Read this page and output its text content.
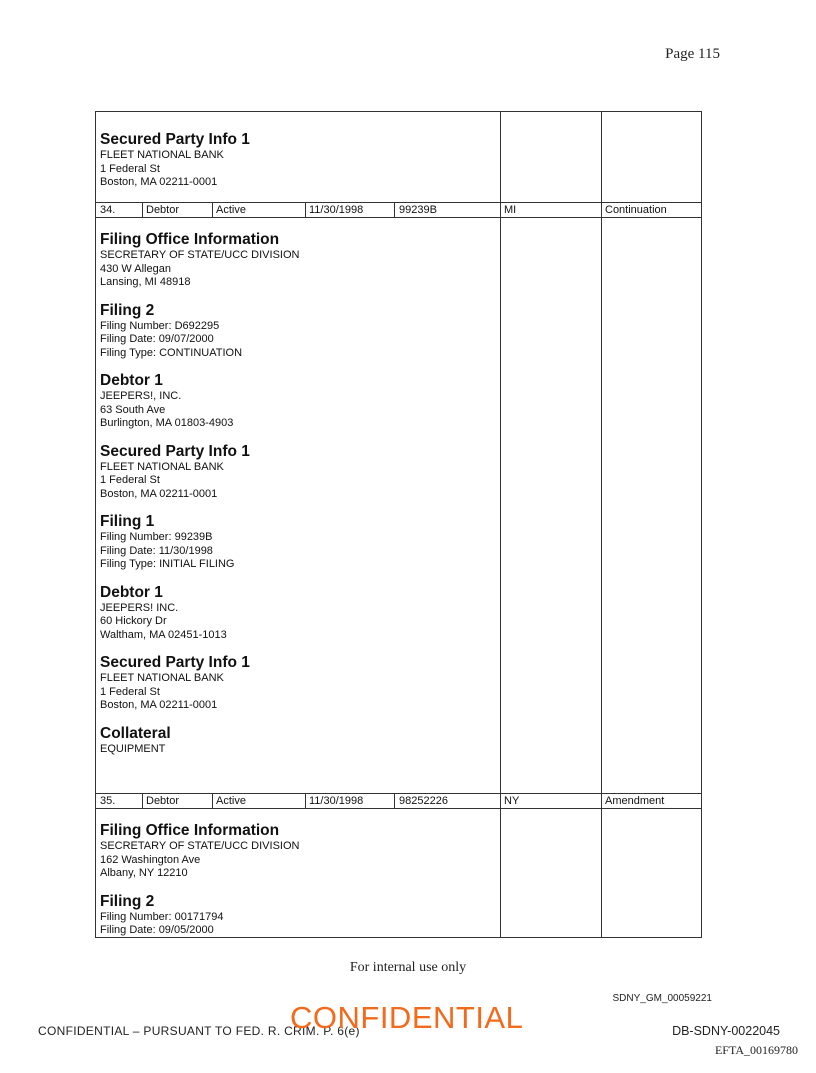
Page 115
Secured Party Info 1
FLEET NATIONAL BANK
1 Federal St
Boston, MA 02211-0001
34.	Debtor	Active	11/30/1998	99239B	MI	Continuation
Filing Office Information
SECRETARY OF STATE/UCC DIVISION
430 W Allegan
Lansing, MI 48918
Filing 2
Filing Number: D692295
Filing Date: 09/07/2000
Filing Type: CONTINUATION
Debtor 1
JEEPERS!, INC.
63 South Ave
Burlington, MA 01803-4903
Secured Party Info 1
FLEET NATIONAL BANK
1 Federal St
Boston, MA 02211-0001
Filing 1
Filing Number: 99239B
Filing Date: 11/30/1998
Filing Type: INITIAL FILING
Debtor 1
JEEPERS! INC.
60 Hickory Dr
Waltham, MA 02451-1013
Secured Party Info 1
FLEET NATIONAL BANK
1 Federal St
Boston, MA 02211-0001
Collateral
EQUIPMENT
35.	Debtor	Active	11/30/1998	98252226	NY	Amendment
Filing Office Information
SECRETARY OF STATE/UCC DIVISION
162 Washington Ave
Albany, NY 12210
Filing 2
Filing Number: 00171794
Filing Date: 09/05/2000
For internal use only
SDNY_GM_00059221
CONFIDENTIAL – PURSUANT TO FED. R. CRIM. P. 6(e)
CONFIDENTIAL	DB-SDNY-0022045
EFTA_00169780
